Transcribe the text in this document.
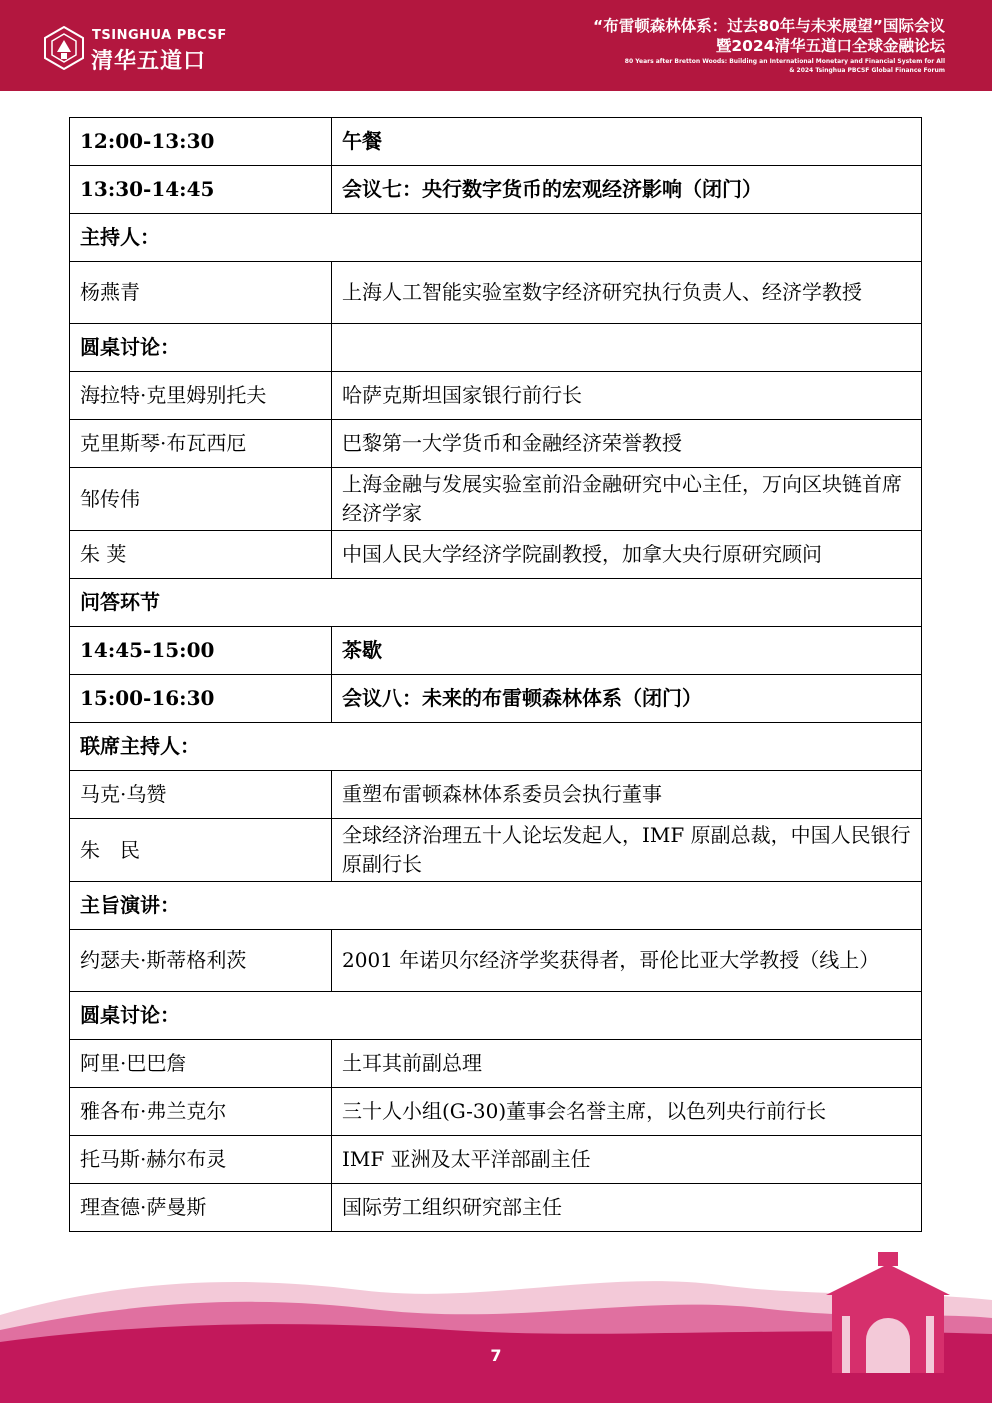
TSINGHUA PBCSF
清华五道口
“布雷顿森林体系：过去80年与未来展望”国际会议
暨2024清华五道口全球金融论坛
80 Years after Bretton Woods: Building an International Monetary and Financial System for All
& 2024 Tsinghua PBCSF Global Finance Forum
12:00-13:30	午餐
13:30-14:45	会议七：央行数字货币的宏观经济影响（闭门）
主持人：	
杨燕青	上海人工智能实验室数字经济研究执行负责人、经济学教授
圆桌讨论：	
海拉特·克里姆别托夫	哈萨克斯坦国家银行前行长
克里斯琴·布瓦西厄	巴黎第一大学货币和金融经济荣誉教授
邹传伟	上海金融与发展实验室前沿金融研究中心主任，万向区块链首席经济学家
朱 荚	中国人民大学经济学院副教授，加拿大央行原研究顾问
问答环节	
14:45-15:00	茶歇
15:00-16:30	会议八：未来的布雷顿森林体系（闭门）
联席主持人：	
马克·乌赞	重塑布雷顿森林体系委员会执行董事
朱　民	全球经济治理五十人论坛发起人，IMF 原副总裁，中国人民银行原副行长
主旨演讲：	
约瑟夫·斯蒂格利茨	2001 年诺贝尔经济学奖获得者，哥伦比亚大学教授（线上）
圆桌讨论：	
阿里·巴巴詹	土耳其前副总理
雅各布·弗兰克尔	三十人小组(G-30)董事会名誉主席，以色列央行前行长
托马斯·赫尔布灵	IMF 亚洲及太平洋部副主任
理查德·萨曼斯	国际劳工组织研究部主任
7
